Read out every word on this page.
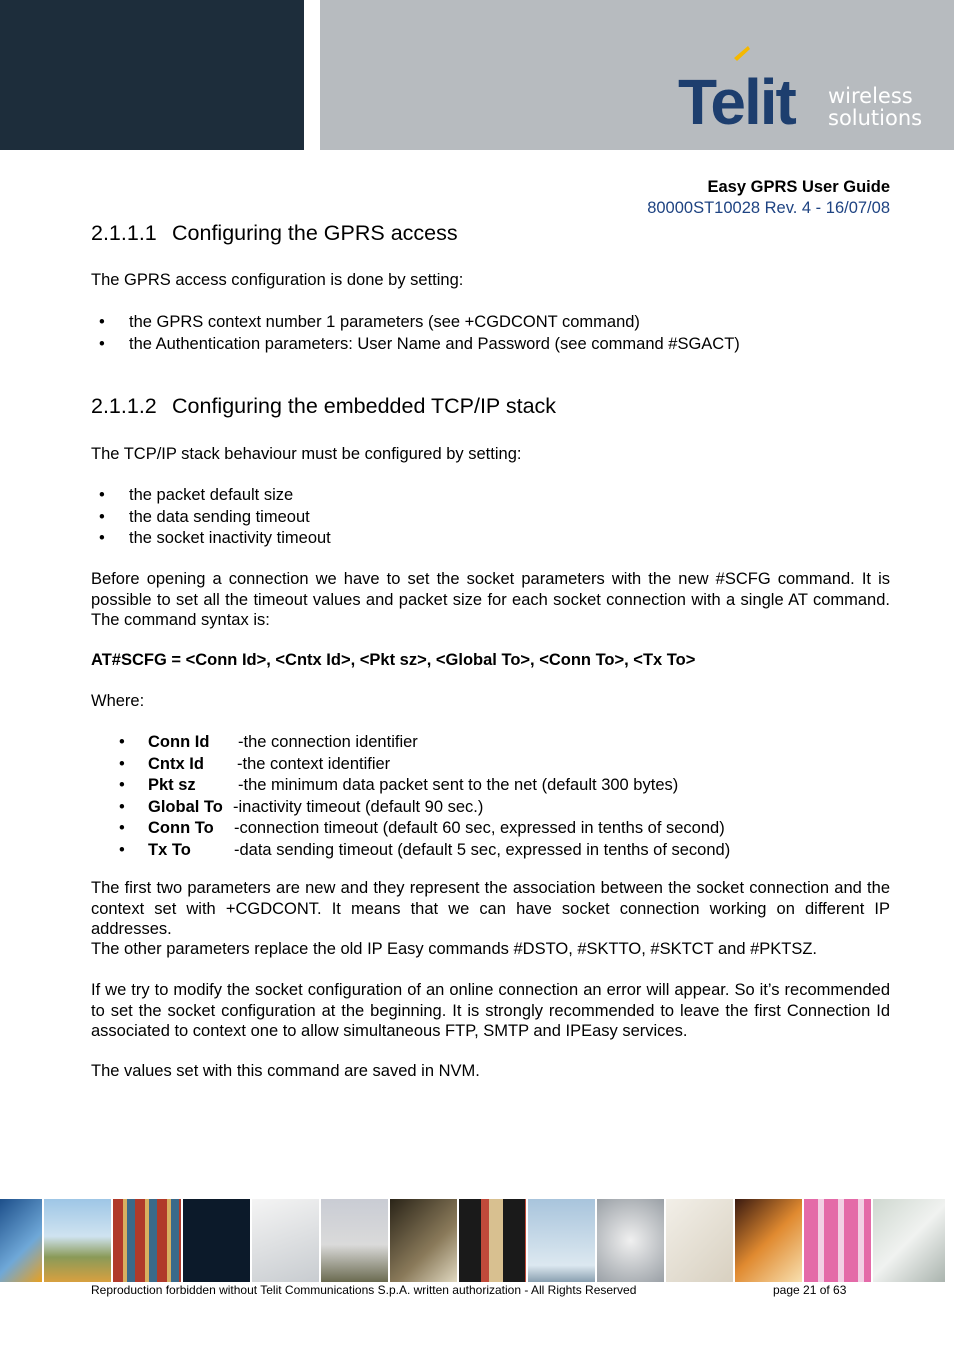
Telit wireless
solutions
Easy GPRS User Guide
80000ST10028 Rev. 4 - 16/07/08
2.1.1.1 Configuring the GPRS access

The GPRS access configuration is done by setting:

• the GPRS context number 1 parameters (see +CGDCONT command)
• the Authentication parameters: User Name and Password (see command #SGACT)
2.1.1.2 Configuring the embedded TCP/IP stack

The TCP/IP stack behaviour must be configured by setting:

• the packet default size
• the data sending timeout
• the socket inactivity timeout

Before opening a connection we have to set the socket parameters with the new #SCFG command. It is possible to set all the timeout values and packet size for each socket connection with a single AT command. The command syntax is:

AT#SCFG = <Conn Id>, <Cntx Id>, <Pkt sz>, <Global To>, <Conn To>, <Tx To>

Where:

• Conn Id -the connection identifier
• Cntx Id -the context identifier
• Pkt sz	-the minimum data packet sent to the net (default 300 bytes)
• Global To -inactivity timeout (default 90 sec.)
• Conn To -connection timeout (default 60 sec, expressed in tenths of second)
• Tx To	-data sending timeout (default 5 sec, expressed in tenths of second)

The first two parameters are new and they represent the association between the socket connection and the context set with +CGDCONT. It means that we can have socket connection working on different IP addresses.

The other parameters replace the old IP Easy commands #DSTO, #SKTTO, #SKTCT and #PKTSZ.

If we try to modify the socket configuration of an online connection an error will appear. So it’s recommended to set the socket configuration at the beginning. It is strongly recommended to leave the first Connection Id associated to context one to allow simultaneous FTP, SMTP and IPEasy services.

The values set with this command are saved in NVM.

Reproduction forbidden without Telit Communications S.p.A. written authorization - All Rights Reserved	page 21 of 63
